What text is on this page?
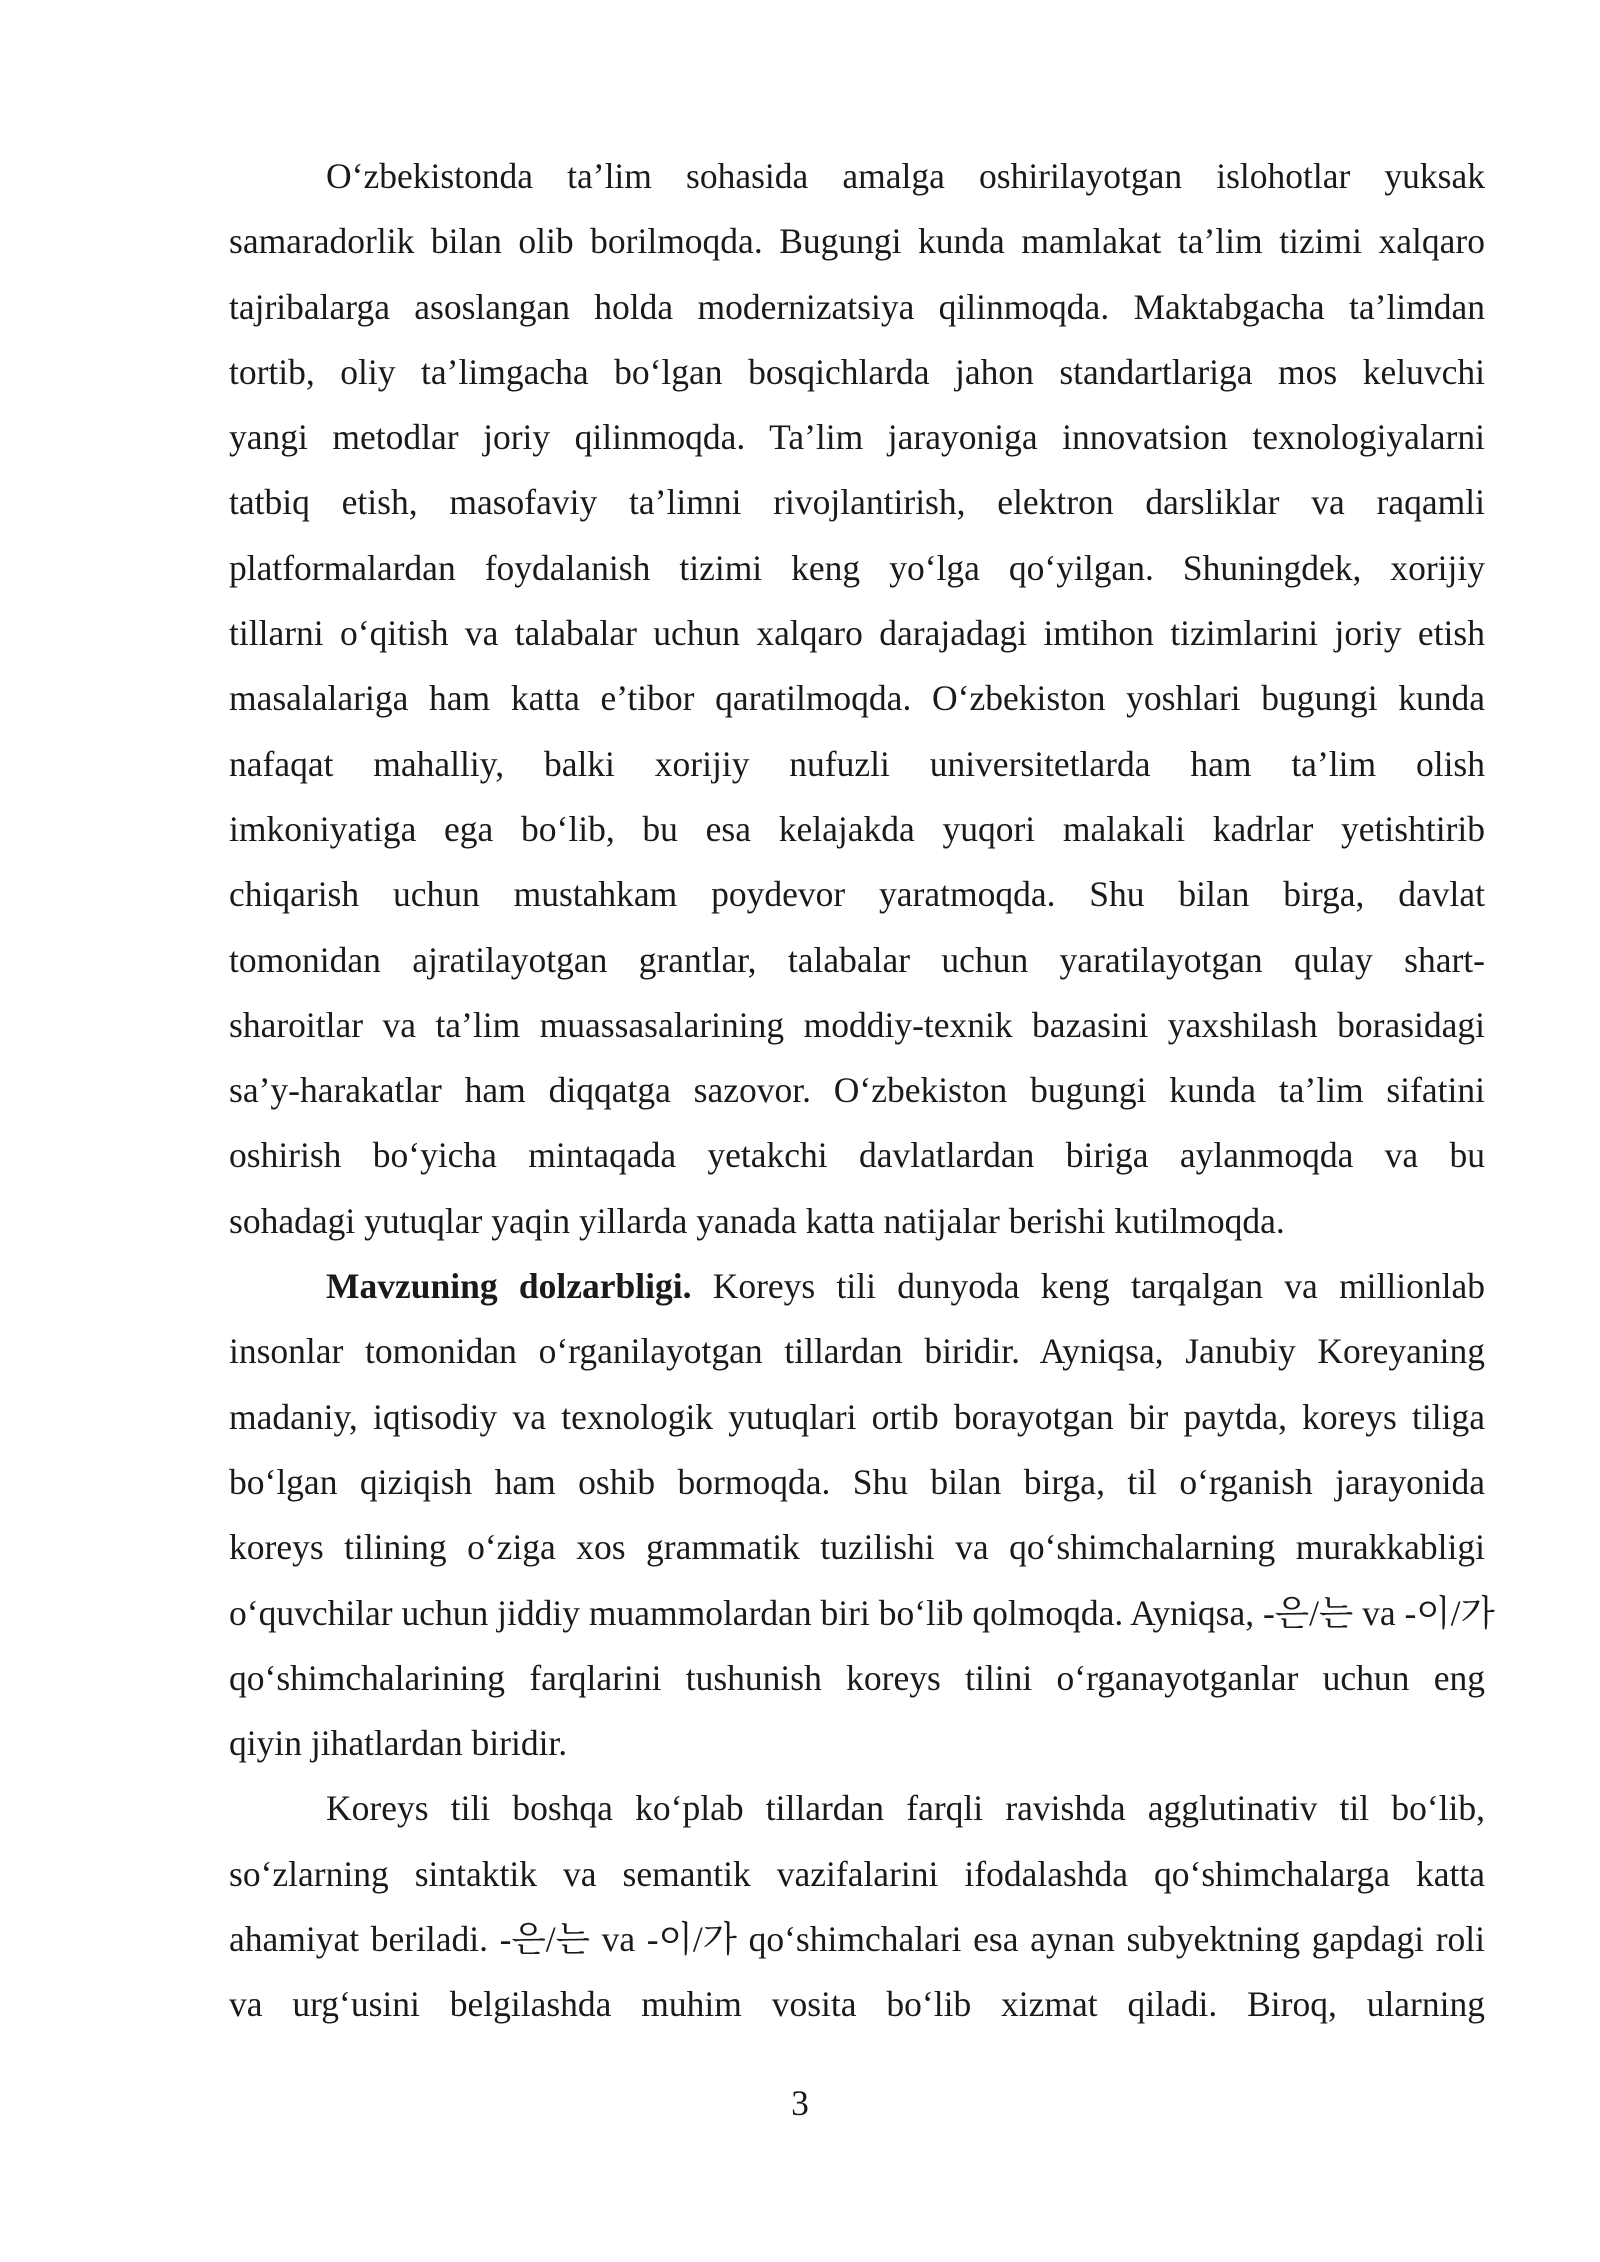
O‘zbekistonda ta’lim sohasida amalga oshirilayotgan islohotlar yuksak
samaradorlik bilan olib borilmoqda. Bugungi kunda mamlakat ta’lim tizimi xalqaro
tajribalarga asoslangan holda modernizatsiya qilinmoqda. Maktabgacha ta’limdan
tortib, oliy ta’limgacha bo‘lgan bosqichlarda jahon standartlariga mos keluvchi
yangi metodlar joriy qilinmoqda. Ta’lim jarayoniga innovatsion texnologiyalarni
tatbiq etish, masofaviy ta’limni rivojlantirish, elektron darsliklar va raqamli
platformalardan foydalanish tizimi keng yo‘lga qo‘yilgan. Shuningdek, xorijiy
tillarni o‘qitish va talabalar uchun xalqaro darajadagi imtihon tizimlarini joriy etish
masalalariga ham katta e’tibor qaratilmoqda. O‘zbekiston yoshlari bugungi kunda
nafaqat mahalliy, balki xorijiy nufuzli universitetlarda ham ta’lim olish
imkoniyatiga ega bo‘lib, bu esa kelajakda yuqori malakali kadrlar yetishtirib
chiqarish uchun mustahkam poydevor yaratmoqda. Shu bilan birga, davlat
tomonidan ajratilayotgan grantlar, talabalar uchun yaratilayotgan qulay shart-
sharoitlar va ta’lim muassasalarining moddiy-texnik bazasini yaxshilash borasidagi
sa’y-harakatlar ham diqqatga sazovor. O‘zbekiston bugungi kunda ta’lim sifatini
oshirish bo‘yicha mintaqada yetakchi davlatlardan biriga aylanmoqda va bu
sohadagi yutuqlar yaqin yillarda yanada katta natijalar berishi kutilmoqda.
Mavzuning dolzarbligi. Koreys tili dunyoda keng tarqalgan va millionlab
insonlar tomonidan o‘rganilayotgan tillardan biridir. Ayniqsa, Janubiy Koreyaning
madaniy, iqtisodiy va texnologik yutuqlari ortib borayotgan bir paytda, koreys tiliga
bo‘lgan qiziqish ham oshib bormoqda. Shu bilan birga, til o‘rganish jarayonida
koreys tilining o‘ziga xos grammatik tuzilishi va qo‘shimchalarning murakkabligi
o‘quvchilar uchun jiddiy muammolardan biri bo‘lib qolmoqda. Ayniqsa, -은/는 va -이/가
qo‘shimchalarining farqlarini tushunish koreys tilini o‘rganayotganlar uchun eng
qiyin jihatlardan biridir.
Koreys tili boshqa ko‘plab tillardan farqli ravishda agglutinativ til bo‘lib,
so‘zlarning sintaktik va semantik vazifalarini ifodalashda qo‘shimchalarga katta
ahamiyat beriladi. -은/는 va -이/가 qo‘shimchalari esa aynan subyektning gapdagi roli
va urg‘usini belgilashda muhim vosita bo‘lib xizmat qiladi. Biroq, ularning
3
